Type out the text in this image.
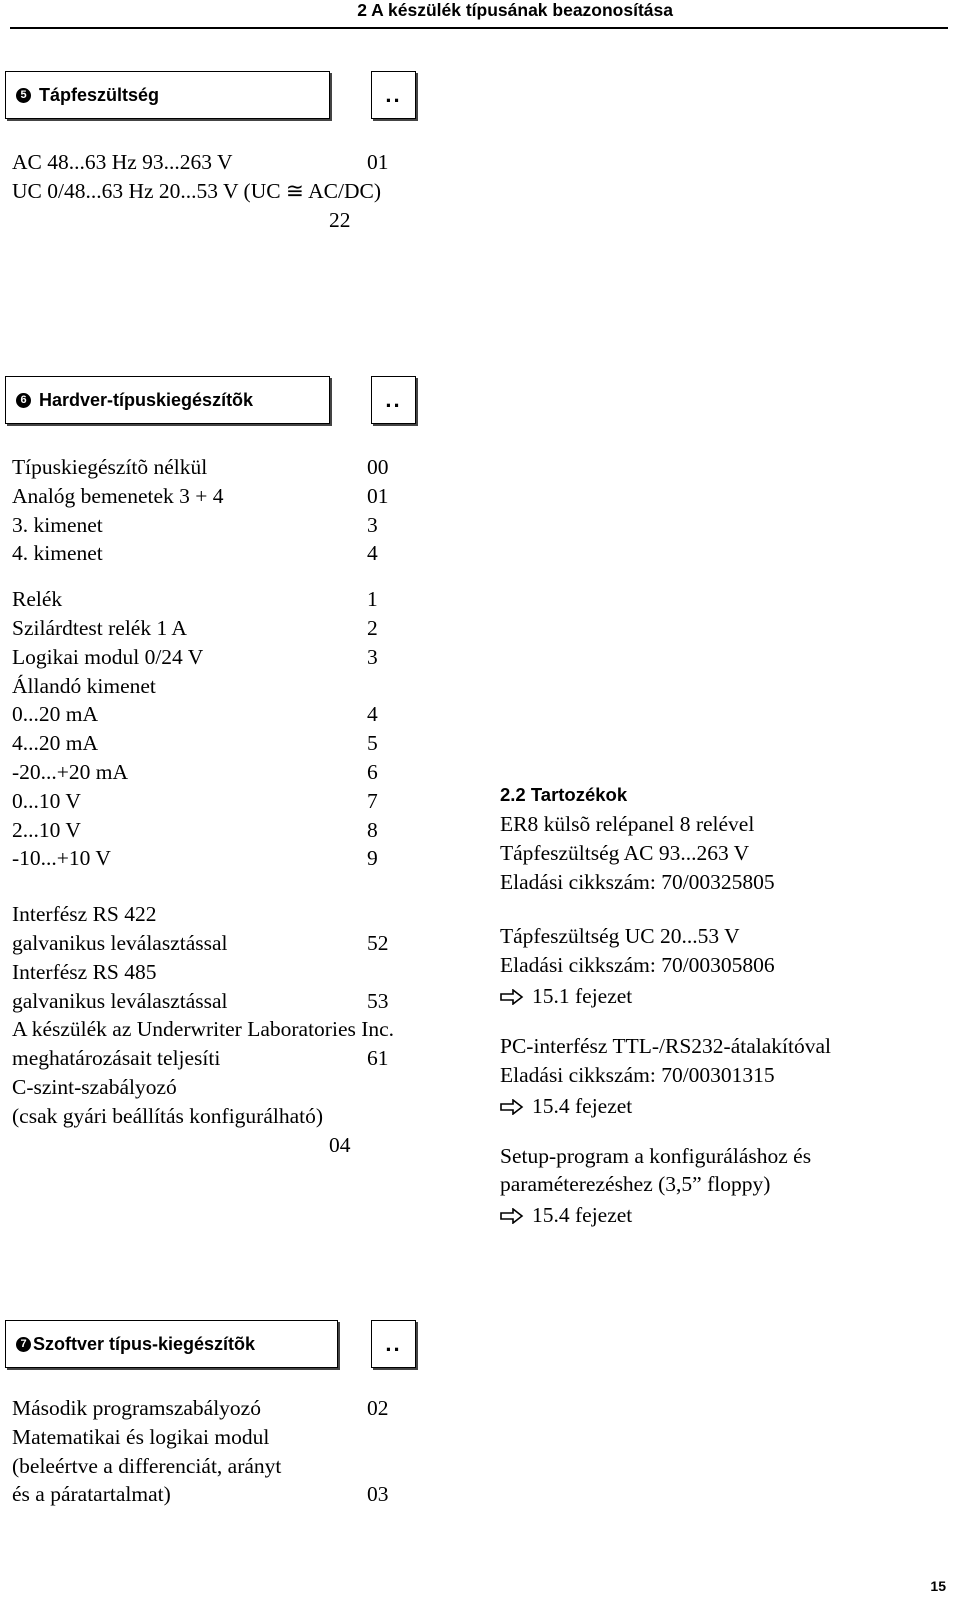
2 A készülék típusának beazonosítása
5 Tápfeszültség	..
AC 48...63 Hz 93...263 V	01
UC 0/48...63 Hz 20...53 V (UC ≅ AC/DC)
22
6 Hardver-típuskiegészítõk	..
Típuskiegészítõ nélkül	00
Analóg bemenetek 3 + 4	01
3. kimenet	3
4. kimenet	4
Relék	1
Szilárdtest relék 1 A	2
Logikai modul 0/24 V	3
Állandó kimenet
0...20 mA	4
4...20 mA	5
-20...+20 mA	6
0...10 V	7
2...10 V	8
-10...+10 V	9
Interfész RS 422
galvanikus leválasztással	52
Interfész RS 485
galvanikus leválasztással	53
A készülék az Underwriter Laboratories Inc.
meghatározásait teljesíti	61
C-szint-szabályozó
(csak gyári beállítás konfigurálható)
04
2.2 Tartozékok
ER8 külsõ relépanel 8 relével
Tápfeszültség AC 93...263 V
Eladási cikkszám: 70/00325805
Tápfeszültség UC 20...53 V
Eladási cikkszám: 70/00305806
15.1 fejezet
PC-interfész TTL-/RS232-átalakítóval
Eladási cikkszám: 70/00301315
15.4 fejezet
Setup-program a konfiguráláshoz és
paraméterezéshez (3,5” floppy)
15.4 fejezet
7 Szoftver típus-kiegészítõk	..
Második programszabályozó	02
Matematikai és logikai modul
(beleértve a differenciát, arányt
és a páratartalmat)	03
15
